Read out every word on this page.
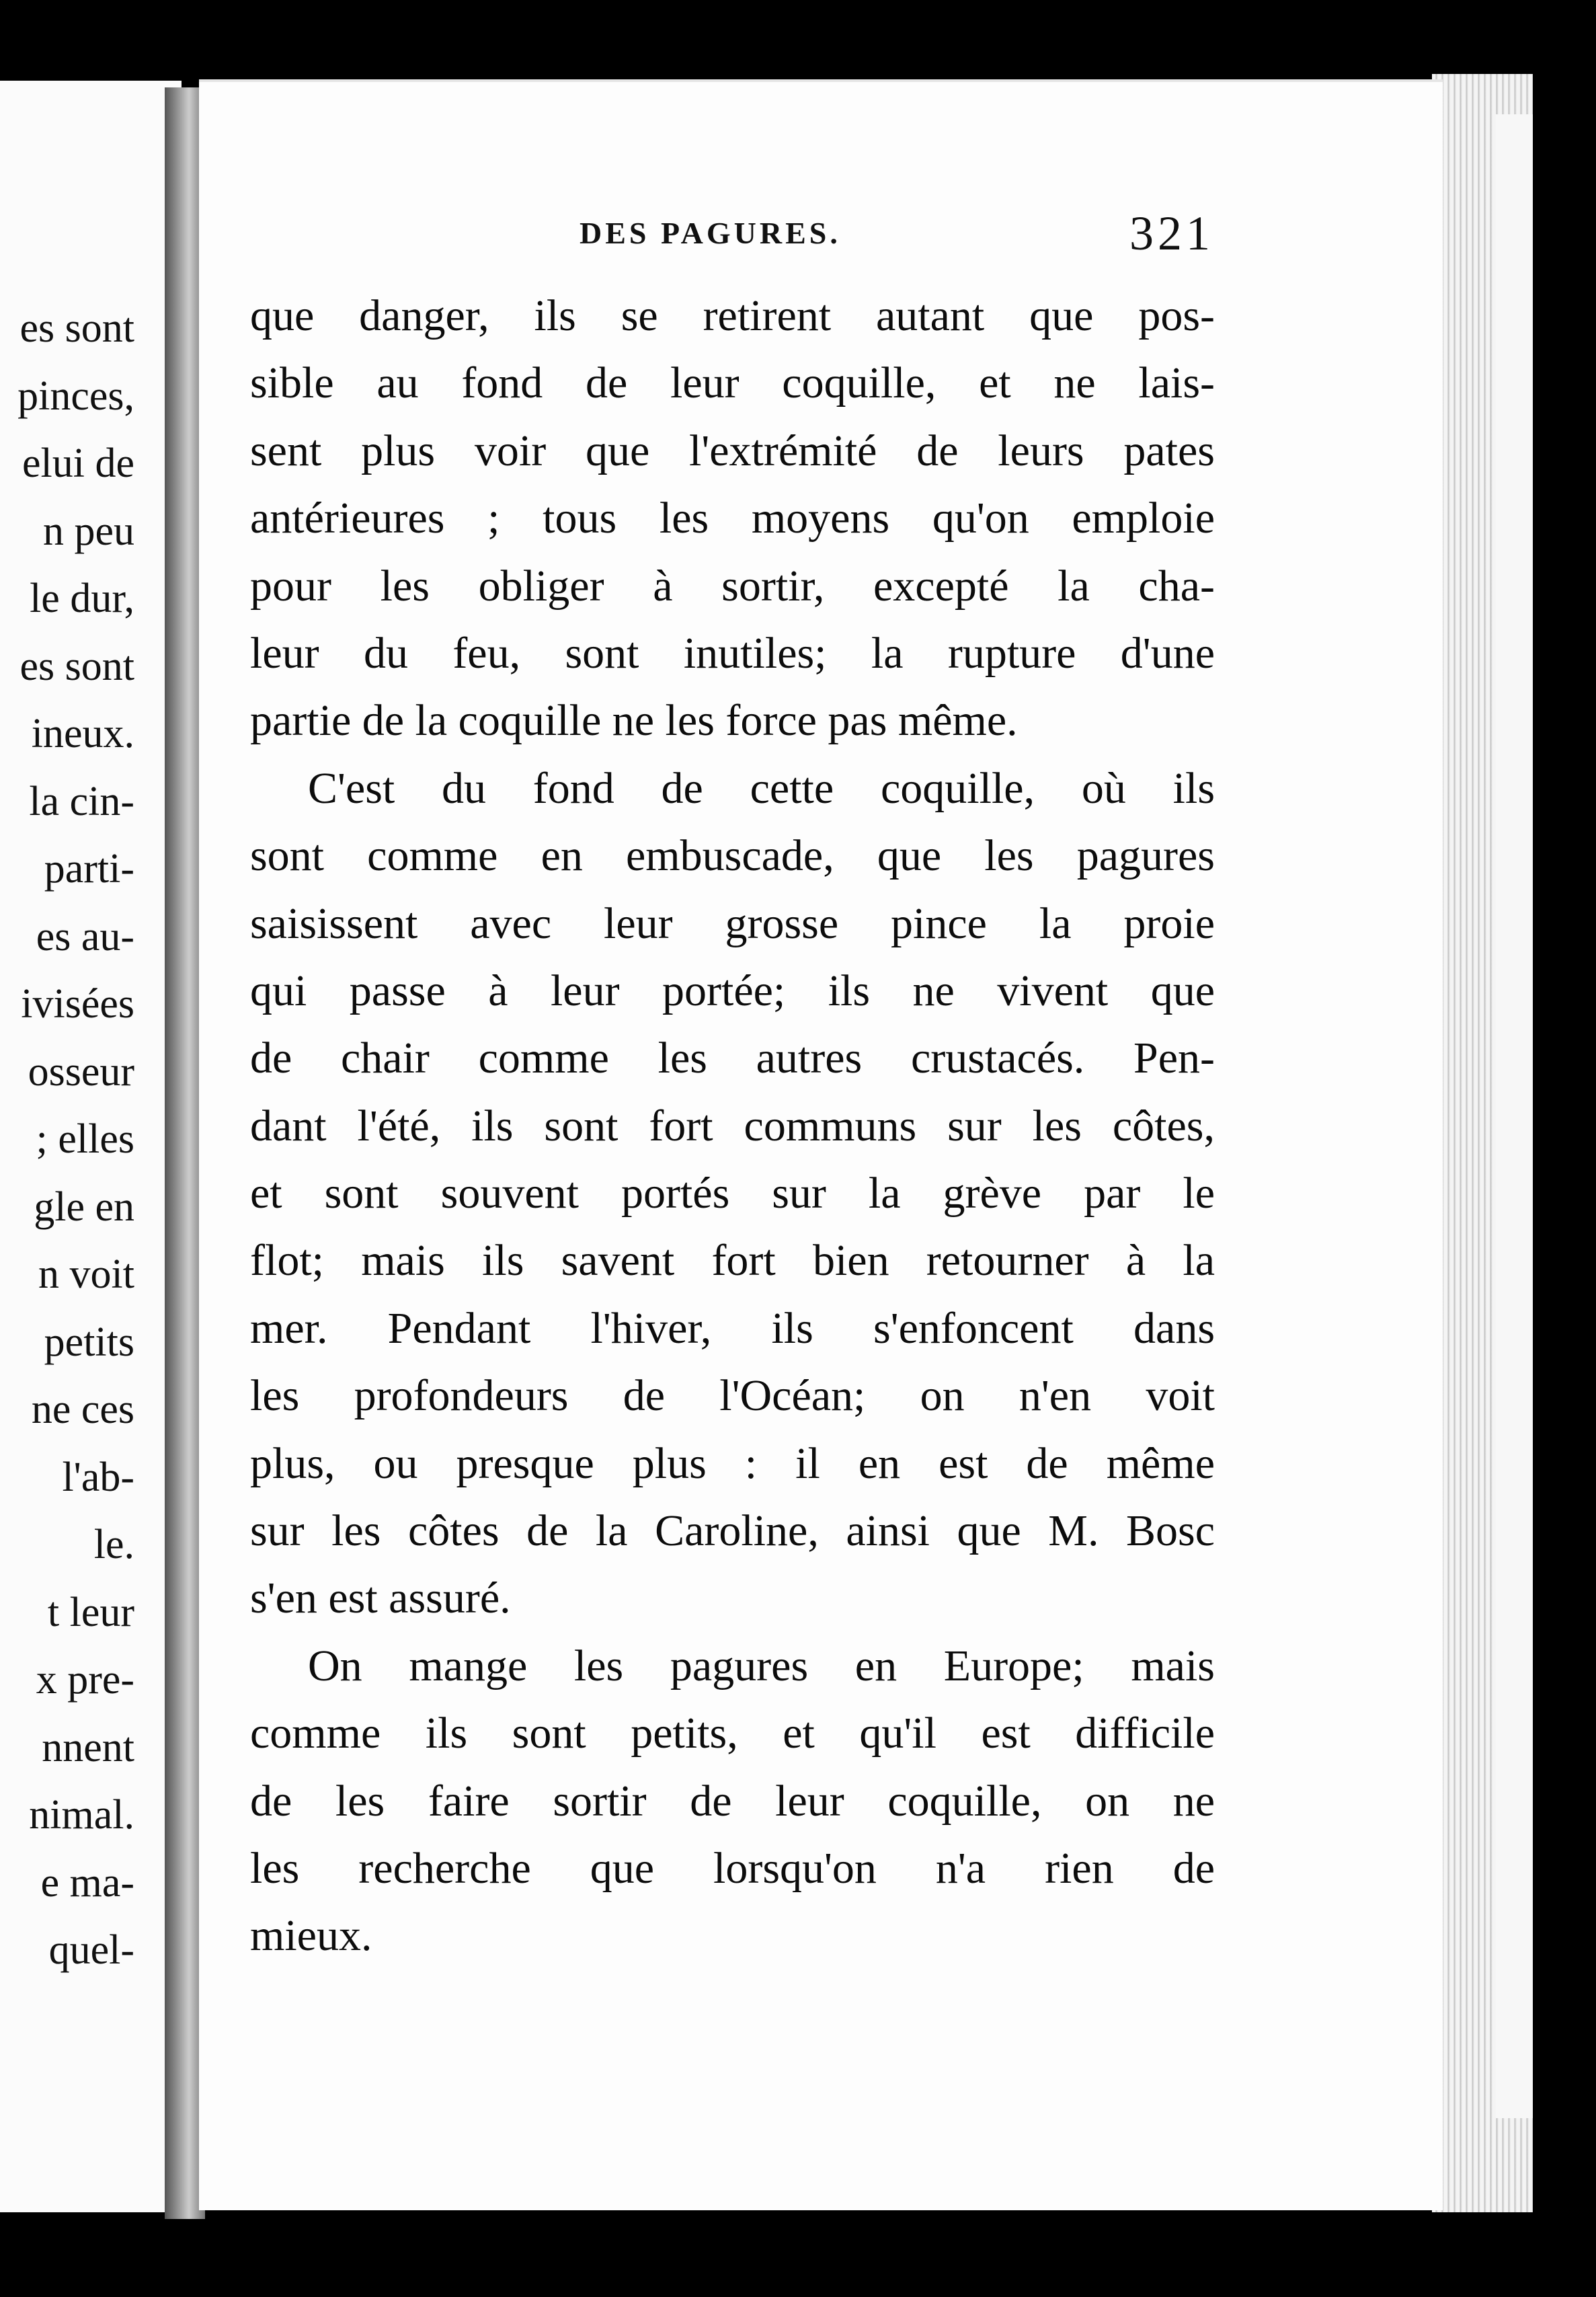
es sont
pinces,
elui de
n peu
le dur,
es sont
ineux.
la cin-
parti-
es au-
ivisées
osseur
; elles
gle en
n voit
petits
ne ces
l'ab-
le.
t leur
x pre-
nnent
nimal.
e ma-
quel-
DES PAGURES.	321
que danger, ils se retirent autant que pos-
sible au fond de leur coquille, et ne lais-
sent plus voir que l'extrémité de leurs pates
antérieures ; tous les moyens qu'on emploie
pour les obliger à sortir, excepté la cha-
leur du feu, sont inutiles; la rupture d'une
partie de la coquille ne les force pas même.
C'est du fond de cette coquille, où ils
sont comme en embuscade, que les pagures
saisissent avec leur grosse pince la proie
qui passe à leur portée; ils ne vivent que
de chair comme les autres crustacés. Pen-
dant l'été, ils sont fort communs sur les côtes,
et sont souvent portés sur la grève par le
flot; mais ils savent fort bien retourner à la
mer. Pendant l'hiver, ils s'enfoncent dans
les profondeurs de l'Océan; on n'en voit
plus, ou presque plus : il en est de même
sur les côtes de la Caroline, ainsi que M. Bosc
s'en est assuré.
On mange les pagures en Europe; mais
comme ils sont petits, et qu'il est difficile
de les faire sortir de leur coquille, on ne
les recherche que lorsqu'on n'a rien de
mieux.
